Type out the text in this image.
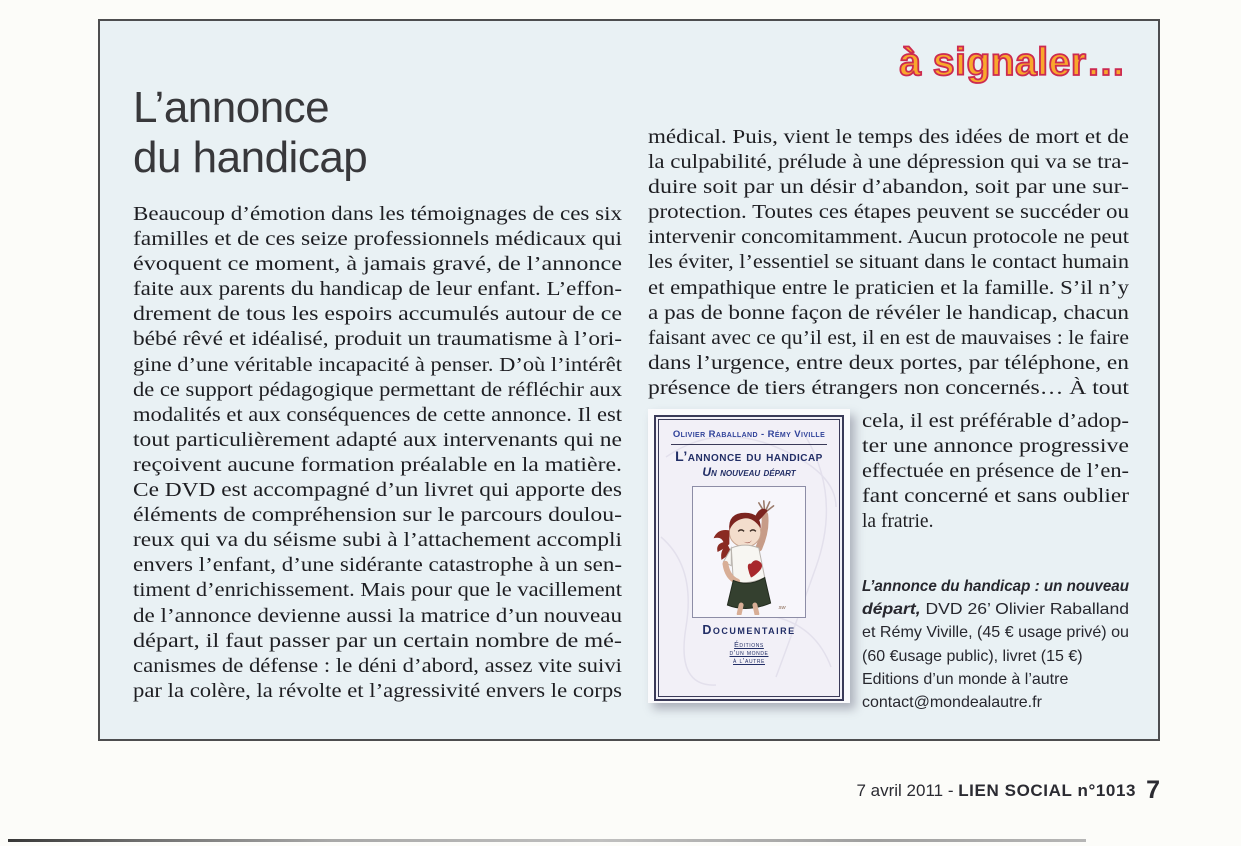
à signaler…
L’annonce
du handicap
Beaucoup d’émotion dans les témoignages de ces six
familles et de ces seize professionnels médicaux qui
évoquent ce moment, à jamais gravé, de l’annonce
faite aux parents du handicap de leur enfant. L’effon-
drement de tous les espoirs accumulés autour de ce
bébé rêvé et idéalisé, produit un traumatisme à l’ori-
gine d’une véritable incapacité à penser. D’où l’intérêt
de ce support pédagogique permettant de réfléchir aux
modalités et aux conséquences de cette annonce. Il est
tout particulièrement adapté aux intervenants qui ne
reçoivent aucune formation préalable en la matière.
Ce DVD est accompagné d’un livret qui apporte des
éléments de compréhension sur le parcours doulou-
reux qui va du séisme subi à l’attachement accompli
envers l’enfant, d’une sidérante catastrophe à un sen-
timent d’enrichissement. Mais pour que le vacillement
de l’annonce devienne aussi la matrice d’un nouveau
départ, il faut passer par un certain nombre de mé-
canismes de défense : le déni d’abord, assez vite suivi
par la colère, la révolte et l’agressivité envers le corps
médical. Puis, vient le temps des idées de mort et de
la culpabilité, prélude à une dépression qui va se tra-
duire soit par un désir d’abandon, soit par une sur-
protection. Toutes ces étapes peuvent se succéder ou
intervenir concomitamment. Aucun protocole ne peut
les éviter, l’essentiel se situant dans le contact humain
et empathique entre le praticien et la famille. S’il n’y
a pas de bonne façon de révéler le handicap, chacun
faisant avec ce qu’il est, il en est de mauvaises : le faire
dans l’urgence, entre deux portes, par téléphone, en
présence de tiers étrangers non concernés… À tout
Olivier Raballand - Rémy Viville
L’annonce du handicap
Un nouveau départ
sw
Documentaire
Éditions
d’un monde
à l’autre
cela, il est préférable d’adop-
ter une annonce progressive
effectuée en présence de l’en-
fant concerné et sans oublier
la fratrie.
L’annonce du handicap : un nouveau
départ, DVD 26’ Olivier Raballand
et Rémy Viville, (45 € usage privé) ou
(60 €usage public), livret (15 €)
Editions d’un monde à l’autre
contact@mondealautre.fr
7 avril 2011 - LIEN SOCIAL n°1013 7
